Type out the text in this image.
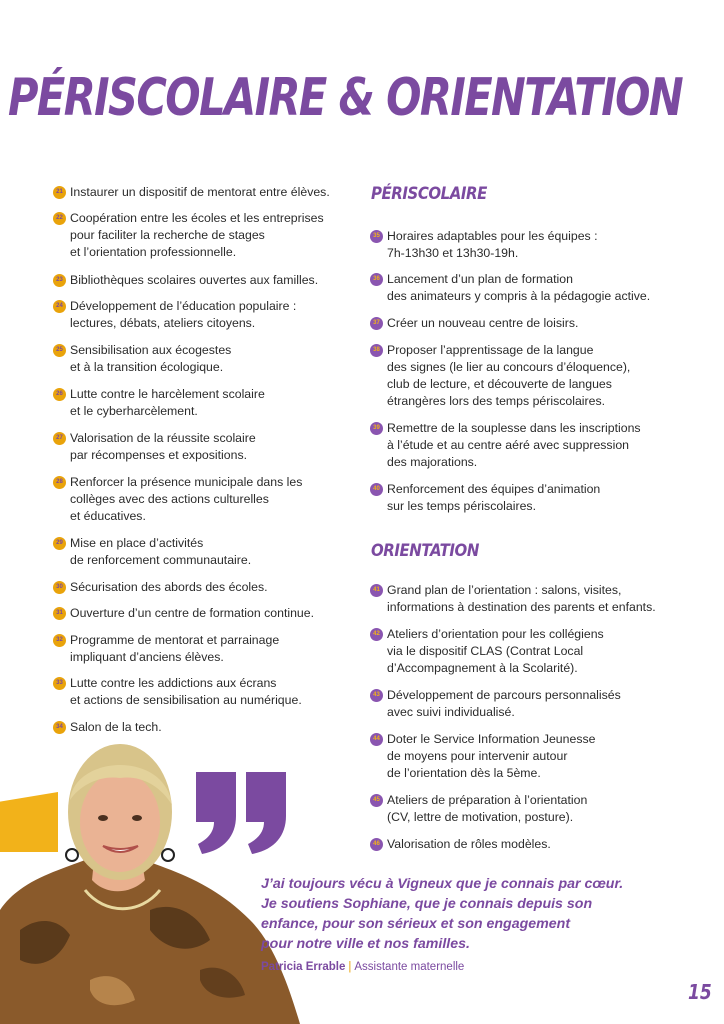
PÉRISCOLAIRE & ORIENTATION
21 Instaurer un dispositif de mentorat entre élèves.
22 Coopération entre les écoles et les entreprises
pour faciliter la recherche de stages
et l’orientation professionnelle.
23 Bibliothèques scolaires ouvertes aux familles.
24 Développement de l’éducation populaire :
lectures, débats, ateliers citoyens.
25 Sensibilisation aux écogestes
et à la transition écologique.
26 Lutte contre le harcèlement scolaire
et le cyberharcèlement.
27 Valorisation de la réussite scolaire
par récompenses et expositions.
28 Renforcer la présence municipale dans les
collèges avec des actions culturelles
et éducatives.
29 Mise en place d’activités
de renforcement communautaire.
30 Sécurisation des abords des écoles.
31 Ouverture d’un centre de formation continue.
32 Programme de mentorat et parrainage
impliquant d’anciens élèves.
33 Lutte contre les addictions aux écrans
et actions de sensibilisation au numérique.
34 Salon de la tech.
PÉRISCOLAIRE
35 Horaires adaptables pour les équipes :
7h-13h30 et 13h30-19h.
36 Lancement d’un plan de formation
des animateurs y compris à la pédagogie active.
37 Créer un nouveau centre de loisirs.
38 Proposer l’apprentissage de la langue
des signes (le lier au concours d’éloquence),
club de lecture, et découverte de langues
étrangères lors des temps périscolaires.
39 Remettre de la souplesse dans les inscriptions
à l’étude et au centre aéré avec suppression
des majorations.
40 Renforcement des équipes d’animation
sur les temps périscolaires.
ORIENTATION
41 Grand plan de l’orientation : salons, visites,
informations à destination des parents et enfants.
42 Ateliers d’orientation pour les collégiens
via le dispositif CLAS (Contrat Local
d’Accompagnement à la Scolarité).
43 Développement de parcours personnalisés
avec suivi individualisé.
44 Doter le Service Information Jeunesse
de moyens pour intervenir autour
de l’orientation dès la 5ème.
45 Ateliers de préparation à l’orientation
(CV, lettre de motivation, posture).
46 Valorisation de rôles modèles.

J’ai toujours vécu à Vigneux que je connais par cœur.
Je soutiens Sophiane, que je connais depuis son
enfance, pour son sérieux et son engagement
pour notre ville et nos familles.

Patricia Errable | Assistante maternelle
15
